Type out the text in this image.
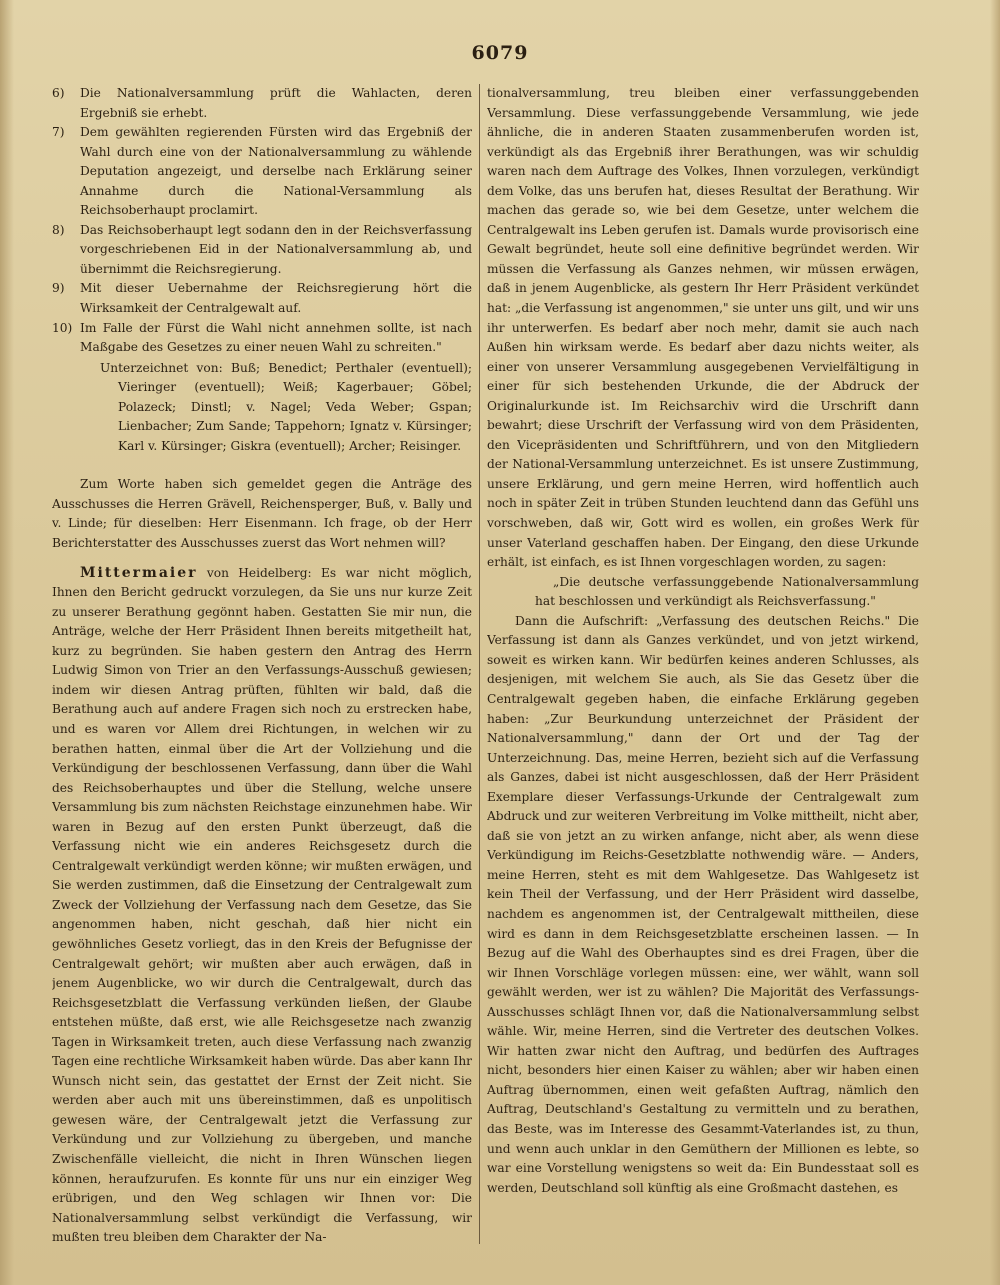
6079

6) Die Nationalversammlung prüft die Wahlacten, deren Ergebniß sie erhebt.

7) Dem gewählten regierenden Fürsten wird das Ergebniß der Wahl durch eine von der Nationalversammlung zu wählende Deputation angezeigt, und derselbe nach Erklärung seiner Annahme durch die National-Versammlung als Reichsoberhaupt proclamirt.

8) Das Reichsoberhaupt legt sodann den in der Reichsverfassung vorgeschriebenen Eid in der Nationalversammlung ab, und übernimmt die Reichsregierung.

9) Mit dieser Uebernahme der Reichsregierung hört die Wirksamkeit der Centralgewalt auf.

10) Im Falle der Fürst die Wahl nicht annehmen sollte, ist nach Maßgabe des Gesetzes zu einer neuen Wahl zu schreiten."

Unterzeichnet von: Buß; Benedict; Perthaler (eventuell); Vieringer (eventuell); Weiß; Kagerbauer; Göbel; Polazeck; Dinstl; v. Nagel; Veda Weber; Gspan; Lienbacher; Zum Sande; Tappehorn; Ignatz v. Kürsinger; Karl v. Kürsinger; Giskra (eventuell); Archer; Reisinger.

Zum Worte haben sich gemeldet gegen die Anträge des Ausschusses die Herren Grävell, Reichensperger, Buß, v. Bally und v. Linde; für dieselben: Herr Eisenmann. Ich frage, ob der Herr Berichterstatter des Ausschusses zuerst das Wort nehmen will?

Mittermaier von Heidelberg: Es war nicht möglich, Ihnen den Bericht gedruckt vorzulegen, da Sie uns nur kurze Zeit zu unserer Berathung gegönnt haben. Gestatten Sie mir nun, die Anträge, welche der Herr Präsident Ihnen bereits mitgetheilt hat, kurz zu begründen. Sie haben gestern den Antrag des Herrn Ludwig Simon von Trier an den Verfassungs-Ausschuß gewiesen; indem wir diesen Antrag prüften, fühlten wir bald, daß die Berathung auch auf andere Fragen sich noch zu erstrecken habe, und es waren vor Allem drei Richtungen, in welchen wir zu berathen hatten, einmal über die Art der Vollziehung und die Verkündigung der beschlossenen Verfassung, dann über die Wahl des Reichsoberhauptes und über die Stellung, welche unsere Versammlung bis zum nächsten Reichstage einzunehmen habe. Wir waren in Bezug auf den ersten Punkt überzeugt, daß die Verfassung nicht wie ein anderes Reichsgesetz durch die Centralgewalt verkündigt werden könne; wir mußten erwägen, und Sie werden zustimmen, daß die Einsetzung der Centralgewalt zum Zweck der Vollziehung der Verfassung nach dem Gesetze, das Sie angenommen haben, nicht geschah, daß hier nicht ein gewöhnliches Gesetz vorliegt, das in den Kreis der Befugnisse der Centralgewalt gehört; wir mußten aber auch erwägen, daß in jenem Augenblicke, wo wir durch die Centralgewalt, durch das Reichsgesetzblatt die Verfassung verkünden ließen, der Glaube entstehen müßte, daß erst, wie alle Reichsgesetze nach zwanzig Tagen in Wirksamkeit treten, auch diese Verfassung nach zwanzig Tagen eine rechtliche Wirksamkeit haben würde. Das aber kann Ihr Wunsch nicht sein, das gestattet der Ernst der Zeit nicht. Sie werden aber auch mit uns übereinstimmen, daß es unpolitisch gewesen wäre, der Centralgewalt jetzt die Verfassung zur Verkündung und zur Vollziehung zu übergeben, und manche Zwischenfälle vielleicht, die nicht in Ihren Wünschen liegen können, heraufzurufen. Es konnte für uns nur ein einziger Weg erübrigen, und den Weg schlagen wir Ihnen vor: Die Nationalversammlung selbst verkündigt die Verfassung, wir mußten treu bleiben dem Charakter der Na-

tionalversammlung, treu bleiben einer verfassunggebenden Versammlung. Diese verfassunggebende Versammlung, wie jede ähnliche, die in anderen Staaten zusammenberufen worden ist, verkündigt als das Ergebniß ihrer Berathungen, was wir schuldig waren nach dem Auftrage des Volkes, Ihnen vorzulegen, verkündigt dem Volke, das uns berufen hat, dieses Resultat der Berathung. Wir machen das gerade so, wie bei dem Gesetze, unter welchem die Centralgewalt ins Leben gerufen ist. Damals wurde provisorisch eine Gewalt begründet, heute soll eine definitive begründet werden. Wir müssen die Verfassung als Ganzes nehmen, wir müssen erwägen, daß in jenem Augenblicke, als gestern Ihr Herr Präsident verkündet hat: „die Verfassung ist angenommen," sie unter uns gilt, und wir uns ihr unterwerfen. Es bedarf aber noch mehr, damit sie auch nach Außen hin wirksam werde. Es bedarf aber dazu nichts weiter, als einer von unserer Versammlung ausgegebenen Vervielfältigung in einer für sich bestehenden Urkunde, die der Abdruck der Originalurkunde ist. Im Reichsarchiv wird die Urschrift dann bewahrt; diese Urschrift der Verfassung wird von dem Präsidenten, den Vicepräsidenten und Schriftführern, und von den Mitgliedern der National-Versammlung unterzeichnet. Es ist unsere Zustimmung, unsere Erklärung, und gern meine Herren, wird hoffentlich auch noch in später Zeit in trüben Stunden leuchtend dann das Gefühl uns vorschweben, daß wir, Gott wird es wollen, ein großes Werk für unser Vaterland geschaffen haben. Der Eingang, den diese Urkunde erhält, ist einfach, es ist Ihnen vorgeschlagen worden, zu sagen:

„Die deutsche verfassunggebende Nationalversammlung hat beschlossen und verkündigt als Reichsverfassung."

Dann die Aufschrift: „Verfassung des deutschen Reichs." Die Verfassung ist dann als Ganzes verkündet, und von jetzt wirkend, soweit es wirken kann. Wir bedürfen keines anderen Schlusses, als desjenigen, mit welchem Sie auch, als Sie das Gesetz über die Centralgewalt gegeben haben, die einfache Erklärung gegeben haben: „Zur Beurkundung unterzeichnet der Präsident der Nationalversammlung," dann der Ort und der Tag der Unterzeichnung. Das, meine Herren, bezieht sich auf die Verfassung als Ganzes, dabei ist nicht ausgeschlossen, daß der Herr Präsident Exemplare dieser Verfassungs-Urkunde der Centralgewalt zum Abdruck und zur weiteren Verbreitung im Volke mittheilt, nicht aber, daß sie von jetzt an zu wirken anfange, nicht aber, als wenn diese Verkündigung im Reichs-Gesetzblatte nothwendig wäre. — Anders, meine Herren, steht es mit dem Wahlgesetze. Das Wahlgesetz ist kein Theil der Verfassung, und der Herr Präsident wird dasselbe, nachdem es angenommen ist, der Centralgewalt mittheilen, diese wird es dann in dem Reichsgesetzblatte erscheinen lassen. — In Bezug auf die Wahl des Oberhauptes sind es drei Fragen, über die wir Ihnen Vorschläge vorlegen müssen: eine, wer wählt, wann soll gewählt werden, wer ist zu wählen? Die Majorität des Verfassungs-Ausschusses schlägt Ihnen vor, daß die Nationalversammlung selbst wähle. Wir, meine Herren, sind die Vertreter des deutschen Volkes. Wir hatten zwar nicht den Auftrag, und bedürfen des Auftrages nicht, besonders hier einen Kaiser zu wählen; aber wir haben einen Auftrag übernommen, einen weit gefaßten Auftrag, nämlich den Auftrag, Deutschland's Gestaltung zu vermitteln und zu berathen, das Beste, was im Interesse des Gesammt-Vaterlandes ist, zu thun, und wenn auch unklar in den Gemüthern der Millionen es lebte, so war eine Vorstellung wenigstens so weit da: Ein Bundesstaat soll es werden, Deutschland soll künftig als eine Großmacht dastehen, es
